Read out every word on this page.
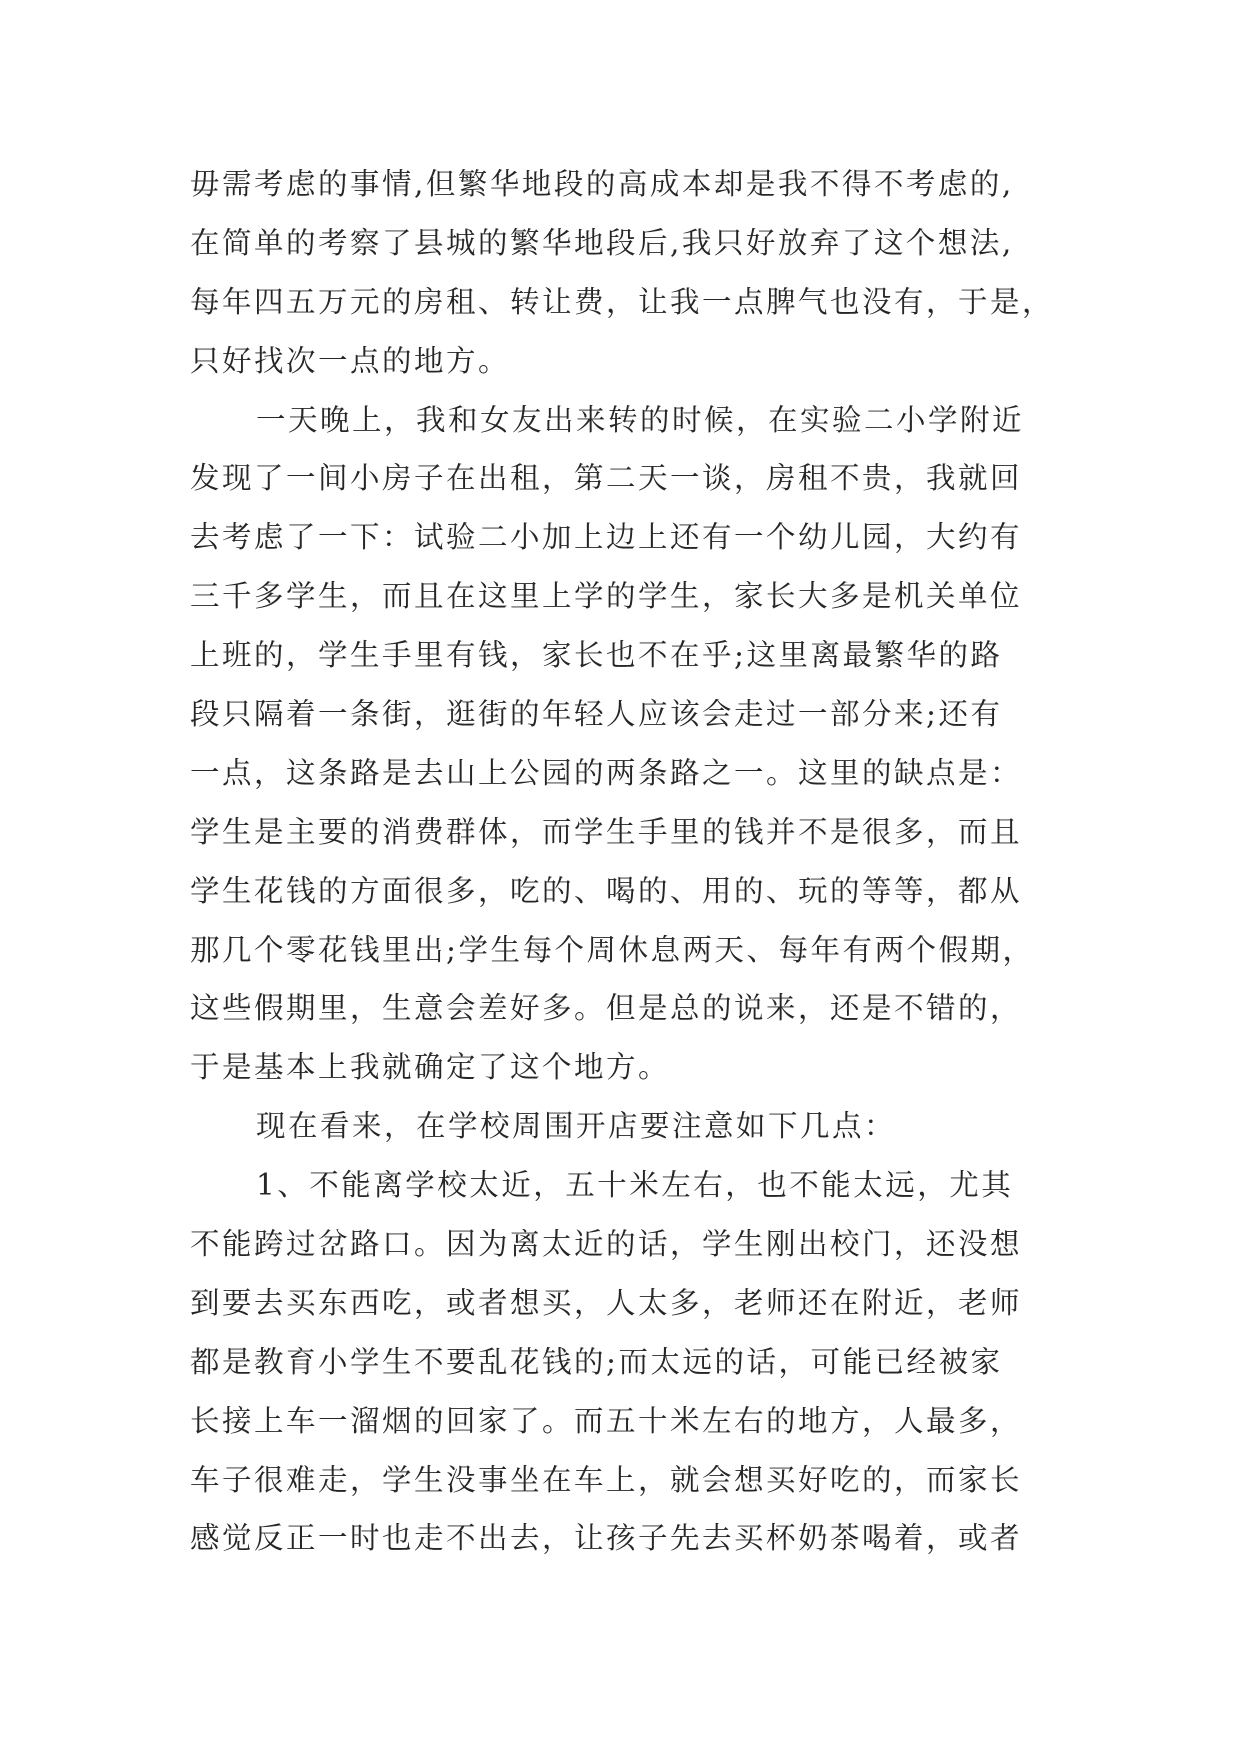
毋需考虑的事情,但繁华地段的高成本却是我不得不考虑的,
在简单的考察了县城的繁华地段后,我只好放弃了这个想法,
每年四五万元的房租、转让费，让我一点脾气也没有，于是，
只好找次一点的地方。
一天晚上，我和女友出来转的时候，在实验二小学附近
发现了一间小房子在出租，第二天一谈，房租不贵，我就回
去考虑了一下：试验二小加上边上还有一个幼儿园，大约有
三千多学生，而且在这里上学的学生，家长大多是机关单位
上班的，学生手里有钱，家长也不在乎;这里离最繁华的路
段只隔着一条街，逛街的年轻人应该会走过一部分来;还有
一点，这条路是去山上公园的两条路之一。这里的缺点是：
学生是主要的消费群体，而学生手里的钱并不是很多，而且
学生花钱的方面很多，吃的、喝的、用的、玩的等等，都从
那几个零花钱里出;学生每个周休息两天、每年有两个假期，
这些假期里，生意会差好多。但是总的说来，还是不错的，
于是基本上我就确定了这个地方。
现在看来，在学校周围开店要注意如下几点：
1、不能离学校太近，五十米左右，也不能太远，尤其
不能跨过岔路口。因为离太近的话，学生刚出校门，还没想
到要去买东西吃，或者想买，人太多，老师还在附近，老师
都是教育小学生不要乱花钱的;而太远的话，可能已经被家
长接上车一溜烟的回家了。而五十米左右的地方，人最多，
车子很难走，学生没事坐在车上，就会想买好吃的，而家长
感觉反正一时也走不出去，让孩子先去买杯奶茶喝着，或者
